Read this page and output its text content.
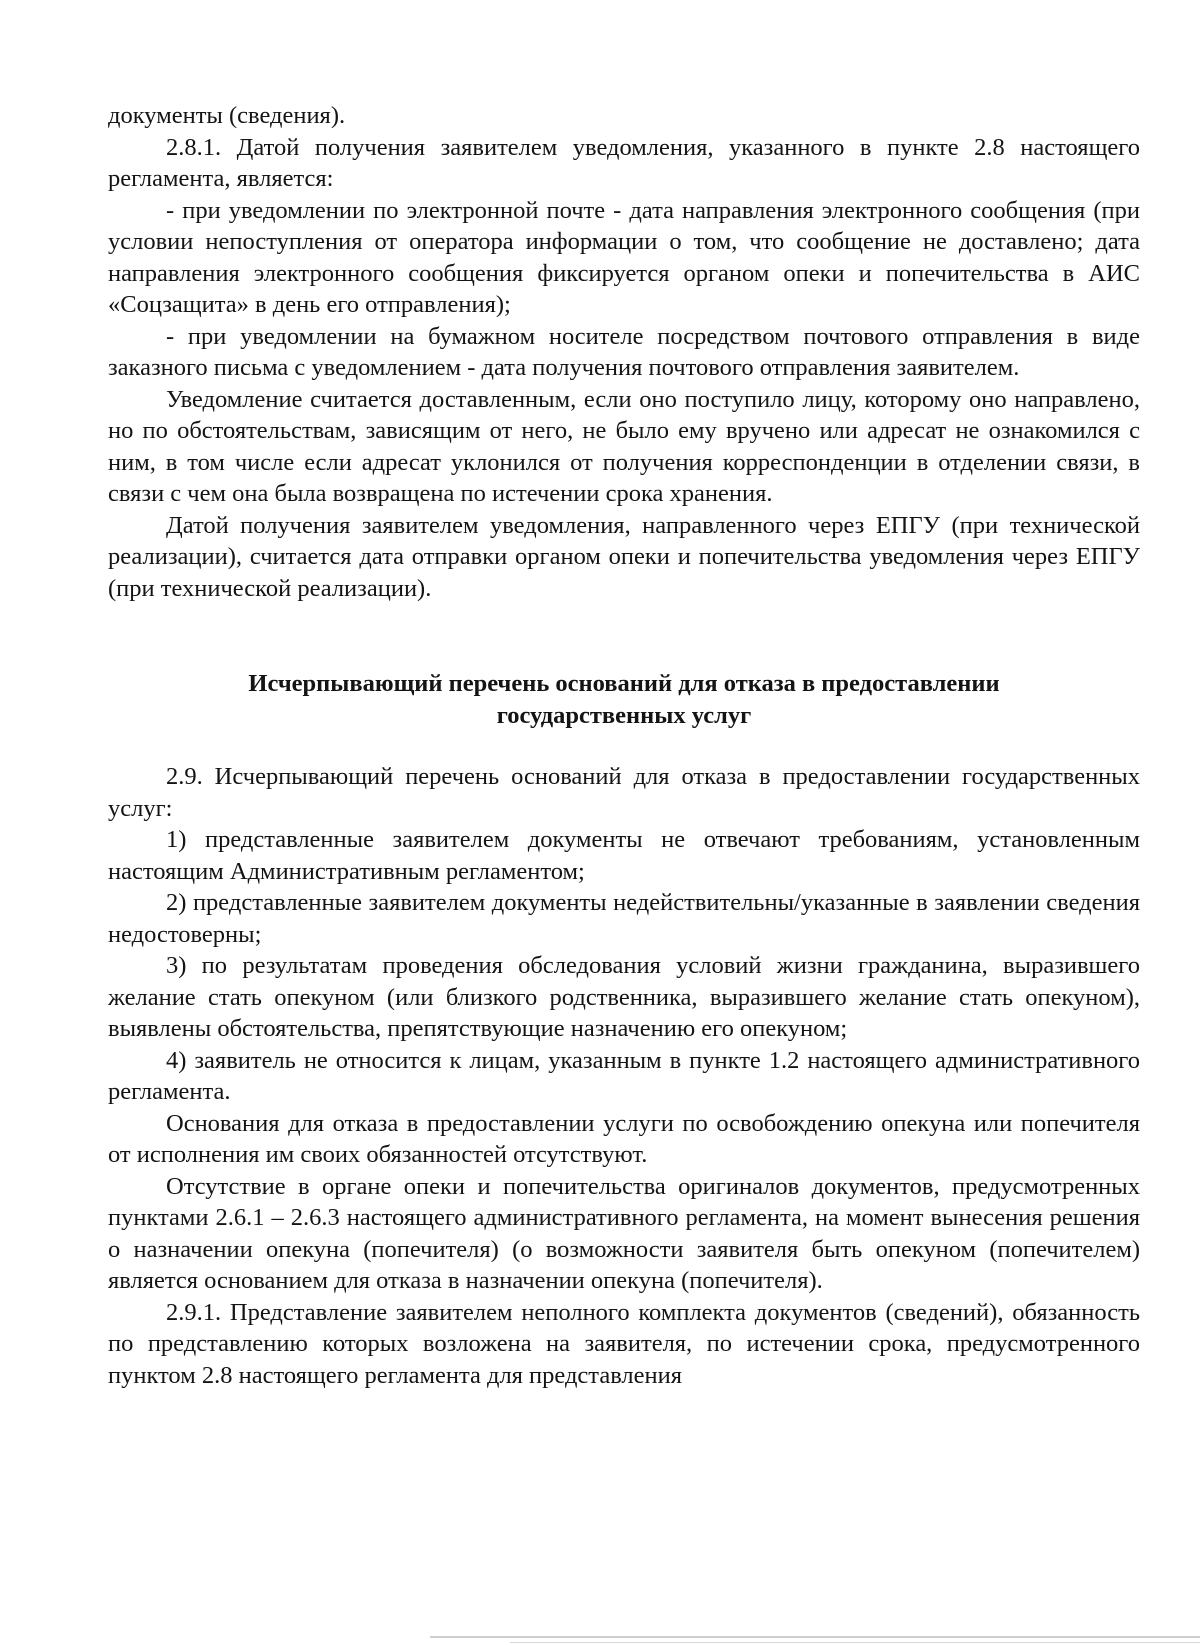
документы (сведения).

2.8.1. Датой получения заявителем уведомления, указанного в пункте 2.8 настоящего регламента, является:

- при уведомлении по электронной почте - дата направления электронного сообщения (при условии непоступления от оператора информации о том, что сообщение не доставлено; дата направления электронного сообщения фиксируется органом опеки и попечительства в АИС «Соцзащита» в день его отправления);

- при уведомлении на бумажном носителе посредством почтового отправления в виде заказного письма с уведомлением - дата получения почтового отправления заявителем.

Уведомление считается доставленным, если оно поступило лицу, которому оно направлено, но по обстоятельствам, зависящим от него, не было ему вручено или адресат не ознакомился с ним, в том числе если адресат уклонился от получения корреспонденции в отделении связи, в связи с чем она была возвращена по истечении срока хранения.

Датой получения заявителем уведомления, направленного через ЕПГУ (при технической реализации), считается дата отправки органом опеки и попечительства уведомления через ЕПГУ (при технической реализации).

Исчерпывающий перечень оснований для отказа в предоставлении
государственных услуг

2.9. Исчерпывающий перечень оснований для отказа в предоставлении государственных услуг:

1) представленные заявителем документы не отвечают требованиям, установленным настоящим Административным регламентом;

2) представленные заявителем документы недействительны/указанные в заявлении сведения недостоверны;

3) по результатам проведения обследования условий жизни гражданина, выразившего желание стать опекуном (или близкого родственника, выразившего желание стать опекуном), выявлены обстоятельства, препятствующие назначению его опекуном;

4) заявитель не относится к лицам, указанным в пункте 1.2 настоящего административного регламента.

Основания для отказа в предоставлении услуги по освобождению опекуна или попечителя от исполнения им своих обязанностей отсутствуют.

Отсутствие в органе опеки и попечительства оригиналов документов, предусмотренных пунктами 2.6.1 – 2.6.3 настоящего административного регламента, на момент вынесения решения о назначении опекуна (попечителя) (о возможности заявителя быть опекуном (попечителем) является основанием для отказа в назначении опекуна (попечителя).

2.9.1. Представление заявителем неполного комплекта документов (сведений), обязанность по представлению которых возложена на заявителя, по истечении срока, предусмотренного пунктом 2.8 настоящего регламента для представления
